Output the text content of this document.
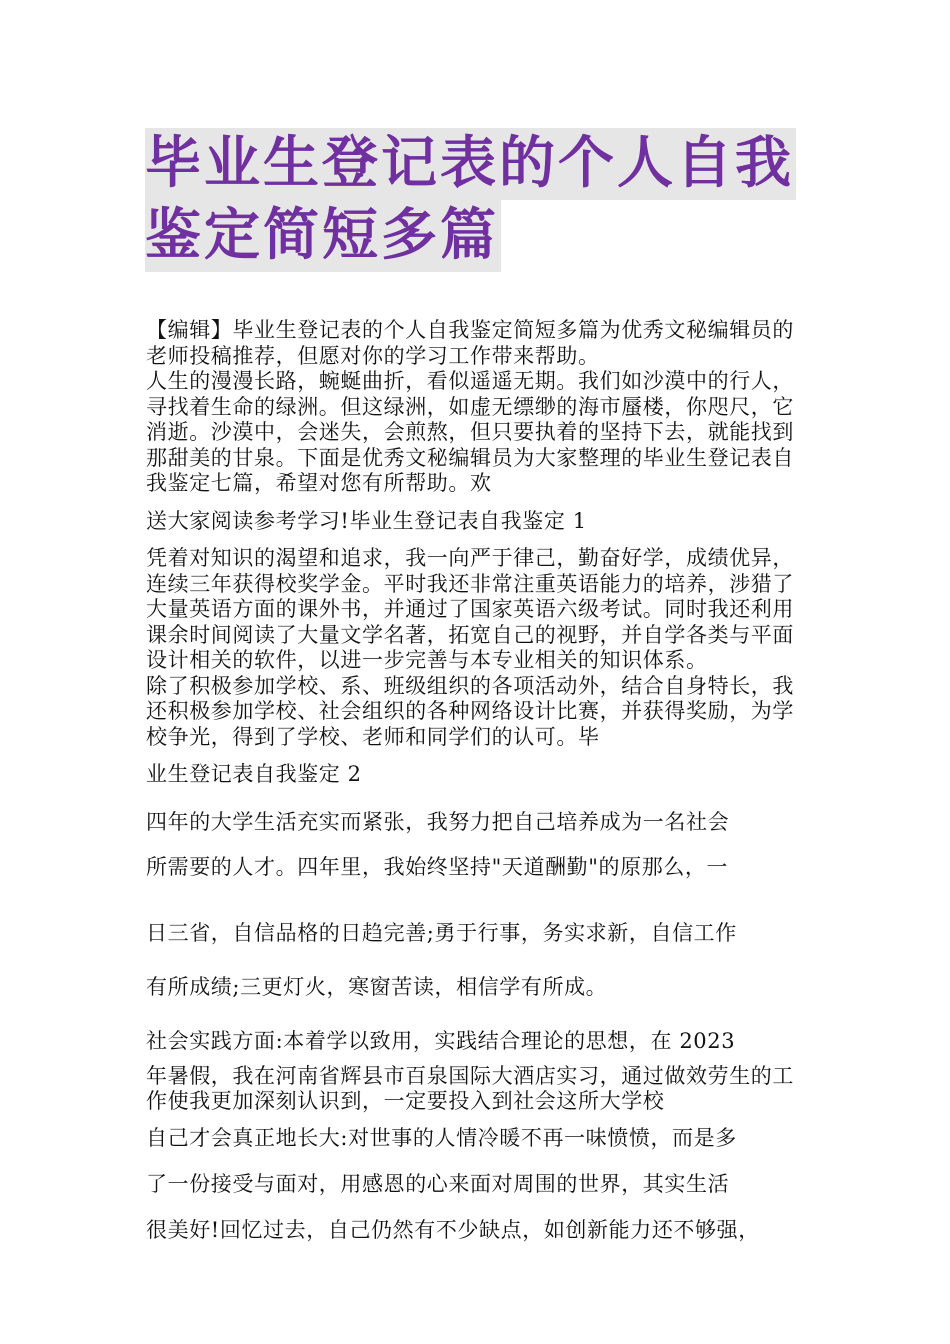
毕业生登记表的个人自我
鉴定简短多篇

【编辑】毕业生登记表的个人自我鉴定简短多篇为优秀文秘编辑员的老师投稿推荐，但愿对你的学习工作带来帮助。

人生的漫漫长路，蜿蜒曲折，看似遥遥无期。我们如沙漠中的行人，寻找着生命的绿洲。但这绿洲，如虚无缥缈的海市蜃楼，你咫尺，它消逝。沙漠中，会迷失，会煎熬，但只要执着的坚持下去，就能找到那甜美的甘泉。下面是优秀文秘编辑员为大家整理的毕业生登记表自我鉴定七篇，希望对您有所帮助。欢

送大家阅读参考学习!毕业生登记表自我鉴定 1

凭着对知识的渴望和追求，我一向严于律己，勤奋好学，成绩优异，连续三年获得校奖学金。平时我还非常注重英语能力的培养，涉猎了大量英语方面的课外书，并通过了国家英语六级考试。同时我还利用课余时间阅读了大量文学名著，拓宽自己的视野，并自学各类与平面设计相关的软件，以进一步完善与本专业相关的知识体系。

除了积极参加学校、系、班级组织的各项活动外，结合自身特长，我还积极参加学校、社会组织的各种网络设计比赛，并获得奖励，为学校争光，得到了学校、老师和同学们的认可。毕

业生登记表自我鉴定 2

四年的大学生活充实而紧张，我努力把自己培养成为一名社会

所需要的人才。四年里，我始终坚持"天道酬勤"的原那么，一

日三省，自信品格的日趋完善;勇于行事，务实求新，自信工作

有所成绩;三更灯火，寒窗苦读，相信学有所成。

社会实践方面:本着学以致用，实践结合理论的思想，在 2023

年暑假，我在河南省辉县市百泉国际大酒店实习，通过做效劳生的工作使我更加深刻认识到，一定要投入到社会这所大学校

自己才会真正地长大:对世事的人情冷暖不再一味愤愤，而是多

了一份接受与面对，用感恩的心来面对周围的世界，其实生活

很美好!回忆过去，自己仍然有不少缺点，如创新能力还不够强，
